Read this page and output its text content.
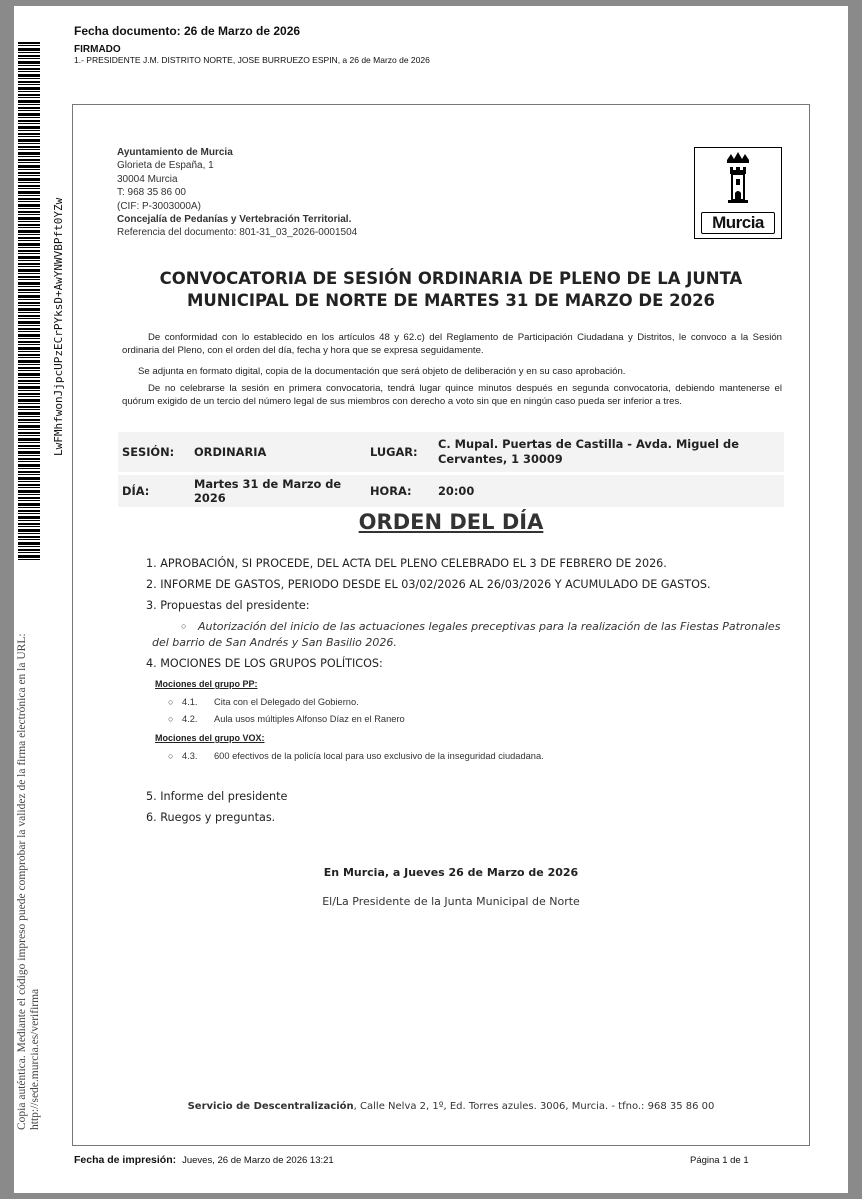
LwFMhfwonJjpcUPzECrPYksD+AwYNWVBPft0YZw
Copia auténtica. Mediante el código impreso puede comprobar la validez de la firma electrónica en la URL:
http://sede.murcia.es/verifirma
Fecha documento: 26 de Marzo de 2026
FIRMADO
1.- PRESIDENTE J.M. DISTRITO NORTE, JOSE BURRUEZO ESPIN, a 26 de Marzo de 2026
Ayuntamiento de Murcia
Glorieta de España, 1
30004 Murcia
T: 968 35 86 00
(CIF: P-3003000A)
Concejalía de Pedanías y Vertebración Territorial.
Referencia del documento: 801-31_03_2026-0001504
Murcia
CONVOCATORIA DE SESIÓN ORDINARIA DE PLENO DE LA JUNTA
MUNICIPAL DE NORTE DE MARTES 31 DE MARZO DE 2026
De conformidad con lo establecido en los artículos 48 y 62.c) del Reglamento de Participación Ciudadana y Distritos, le convoco a la Sesión ordinaria del Pleno, con el orden del día, fecha y hora que se expresa seguidamente.
Se adjunta en formato digital, copia de la documentación que será objeto de deliberación y en su caso aprobación.
De no celebrarse la sesión en primera convocatoria, tendrá lugar quince minutos después en segunda convocatoria, debiendo mantenerse el quórum exigido de un tercio del número legal de sus miembros con derecho a voto sin que en ningún caso pueda ser inferior a tres.
SESIÓN:	ORDINARIA	LUGAR:	C. Mupal. Puertas de Castilla - Avda. Miguel de Cervantes, 1 30009
DÍA:	Martes 31 de Marzo de 2026	HORA:	20:00
ORDEN DEL DÍA
1. APROBACIÓN, SI PROCEDE, DEL ACTA DEL PLENO CELEBRADO EL 3 DE FEBRERO DE 2026.
2. INFORME DE GASTOS, PERIODO DESDE EL 03/02/2026 AL 26/03/2026 Y ACUMULADO DE GASTOS.
3. Propuestas del presidente:
○	Autorización del inicio de las actuaciones legales preceptivas para la realización de las Fiestas Patronales del barrio de San Andrés y San Basilio 2026.
4. MOCIONES DE LOS GRUPOS POLÍTICOS:
Mociones del grupo PP:
○ 4.1. Cita con el Delegado del Gobierno.
○ 4.2. Aula usos múltiples Alfonso Díaz en el Ranero
Mociones del grupo VOX:
○ 4.3. 600 efectivos de la policía local para uso exclusivo de la inseguridad ciudadana.
5. Informe del presidente
6. Ruegos y preguntas.
En Murcia, a Jueves 26 de Marzo de 2026
El/La Presidente de la Junta Municipal de Norte
Servicio de Descentralización, Calle Nelva 2, 1º, Ed. Torres azules. 3006, Murcia. - tfno.: 968 35 86 00
Fecha de impresión: Jueves, 26 de Marzo de 2026 13:21	Página 1 de 1
